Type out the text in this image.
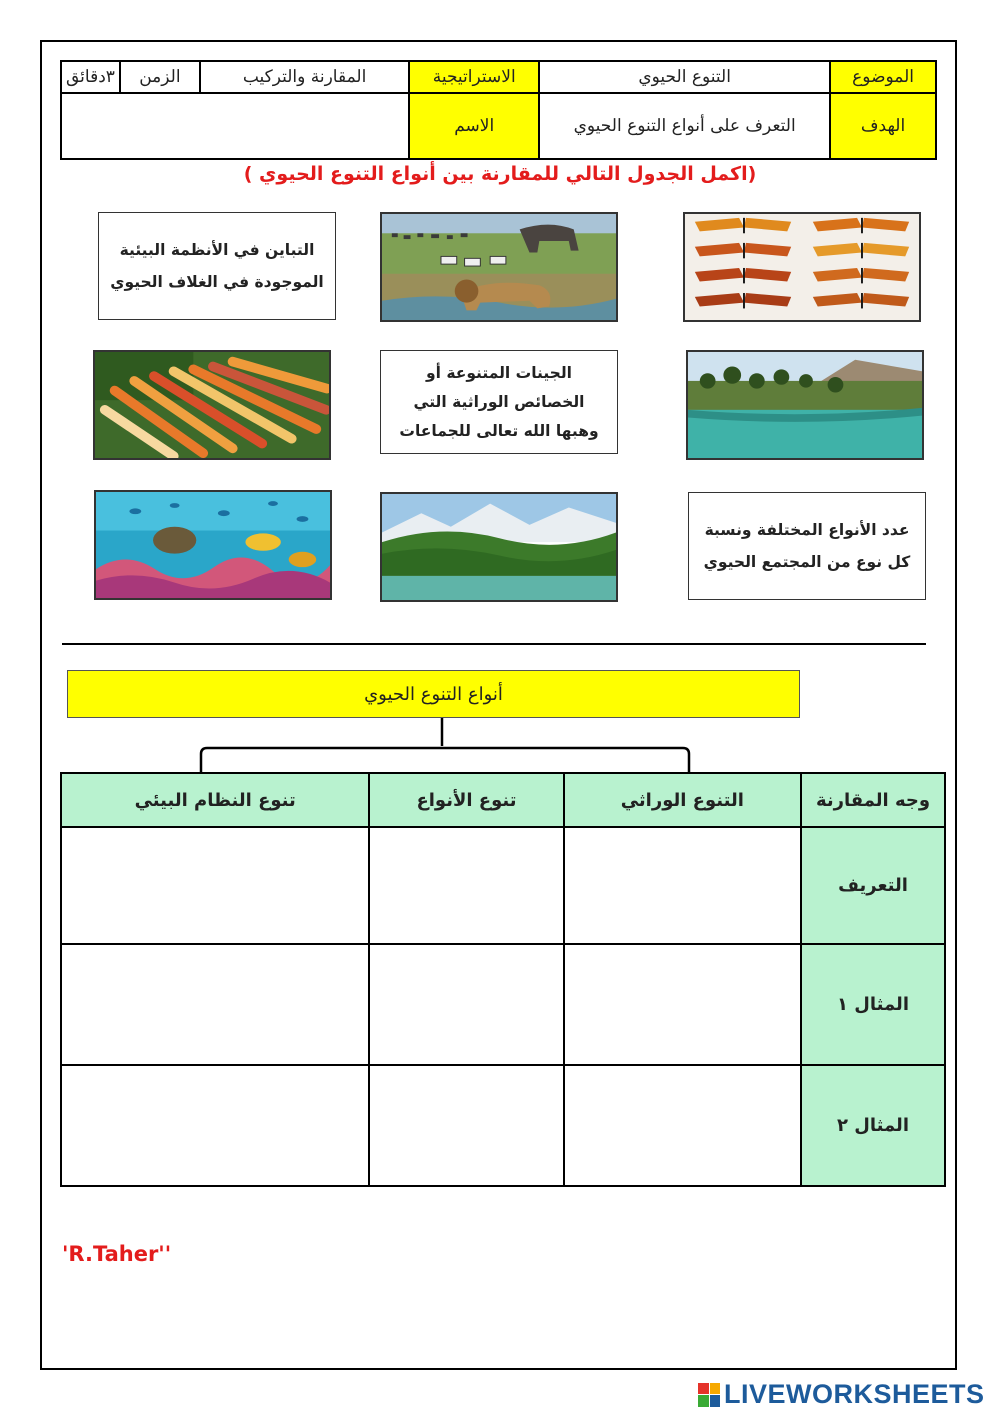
الموضوع	التنوع الحيوي	الاستراتيجية	المقارنة والتركيب	الزمن	٣دقائق
الهدف	التعرف على أنواع التنوع الحيوي	الاسم			
(اكمل الجدول التالي للمقارنة بين أنواع التنوع الحيوي )
التباين في الأنظمة البيئية الموجودة في الغلاف الحيوي
الجينات المتنوعة أو الخصائص الوراثية التي وهبها الله تعالى للجماعات
عدد الأنواع المختلفة ونسبة كل نوع من المجتمع الحيوي
أنواع التنوع الحيوي
وجه المقارنة	التنوع الوراثي	تنوع الأنواع	تنوع النظام البيئي
التعريف			
المثال ١			
المثال ٢			
'R.Taher''
LIVEWORKSHEETS
